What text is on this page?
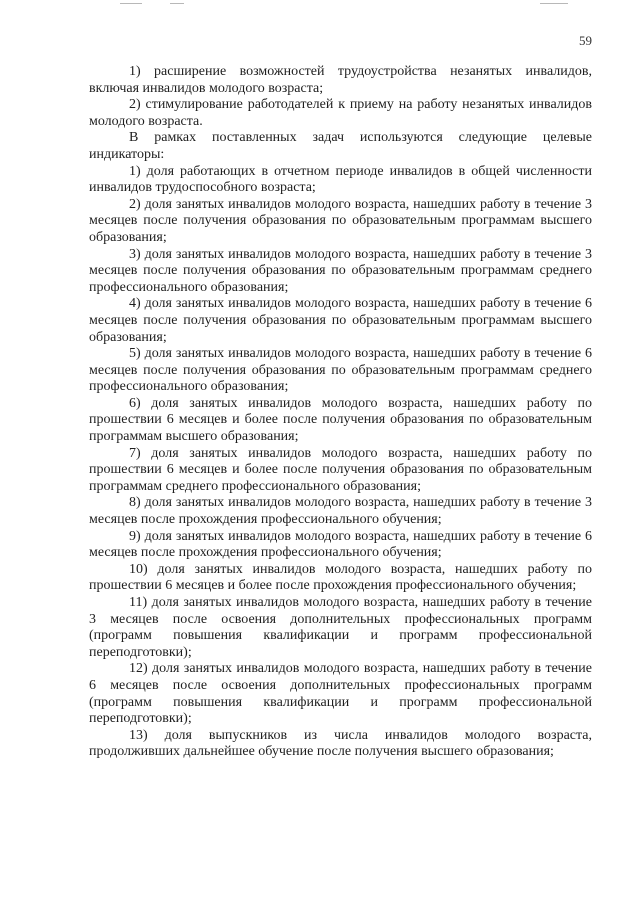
59

1) расширение возможностей трудоустройства незанятых инвалидов, включая инвалидов молодого возраста;

2) стимулирование работодателей к приему на работу незанятых инвалидов молодого возраста.

В рамках поставленных задач используются следующие целевые индикаторы:

1) доля работающих в отчетном периоде инвалидов в общей численности инвалидов трудоспособного возраста;

2) доля занятых инвалидов молодого возраста, нашедших работу в течение 3 месяцев после получения образования по образовательным программам высшего образования;

3) доля занятых инвалидов молодого возраста, нашедших работу в течение 3 месяцев после получения образования по образовательным программам среднего профессионального образования;

4) доля занятых инвалидов молодого возраста, нашедших работу в течение 6 месяцев после получения образования по образовательным программам высшего образования;

5) доля занятых инвалидов молодого возраста, нашедших работу в течение 6 месяцев после получения образования по образовательным программам среднего профессионального образования;

6) доля занятых инвалидов молодого возраста, нашедших работу по прошествии 6 месяцев и более после получения образования по образовательным программам высшего образования;

7) доля занятых инвалидов молодого возраста, нашедших работу по прошествии 6 месяцев и более после получения образования по образовательным программам среднего профессионального образования;

8) доля занятых инвалидов молодого возраста, нашедших работу в течение 3 месяцев после прохождения профессионального обучения;

9) доля занятых инвалидов молодого возраста, нашедших работу в течение 6 месяцев после прохождения профессионального обучения;

10) доля занятых инвалидов молодого возраста, нашедших работу по прошествии 6 месяцев и более после прохождения профессионального обучения;

11) доля занятых инвалидов молодого возраста, нашедших работу в течение 3 месяцев после освоения дополнительных профессиональных программ (программ повышения квалификации и программ профессиональной переподготовки);

12) доля занятых инвалидов молодого возраста, нашедших работу в течение 6 месяцев после освоения дополнительных профессиональных программ (программ повышения квалификации и программ профессиональной переподготовки);

13) доля выпускников из числа инвалидов молодого возраста, продолживших дальнейшее обучение после получения высшего образования;
